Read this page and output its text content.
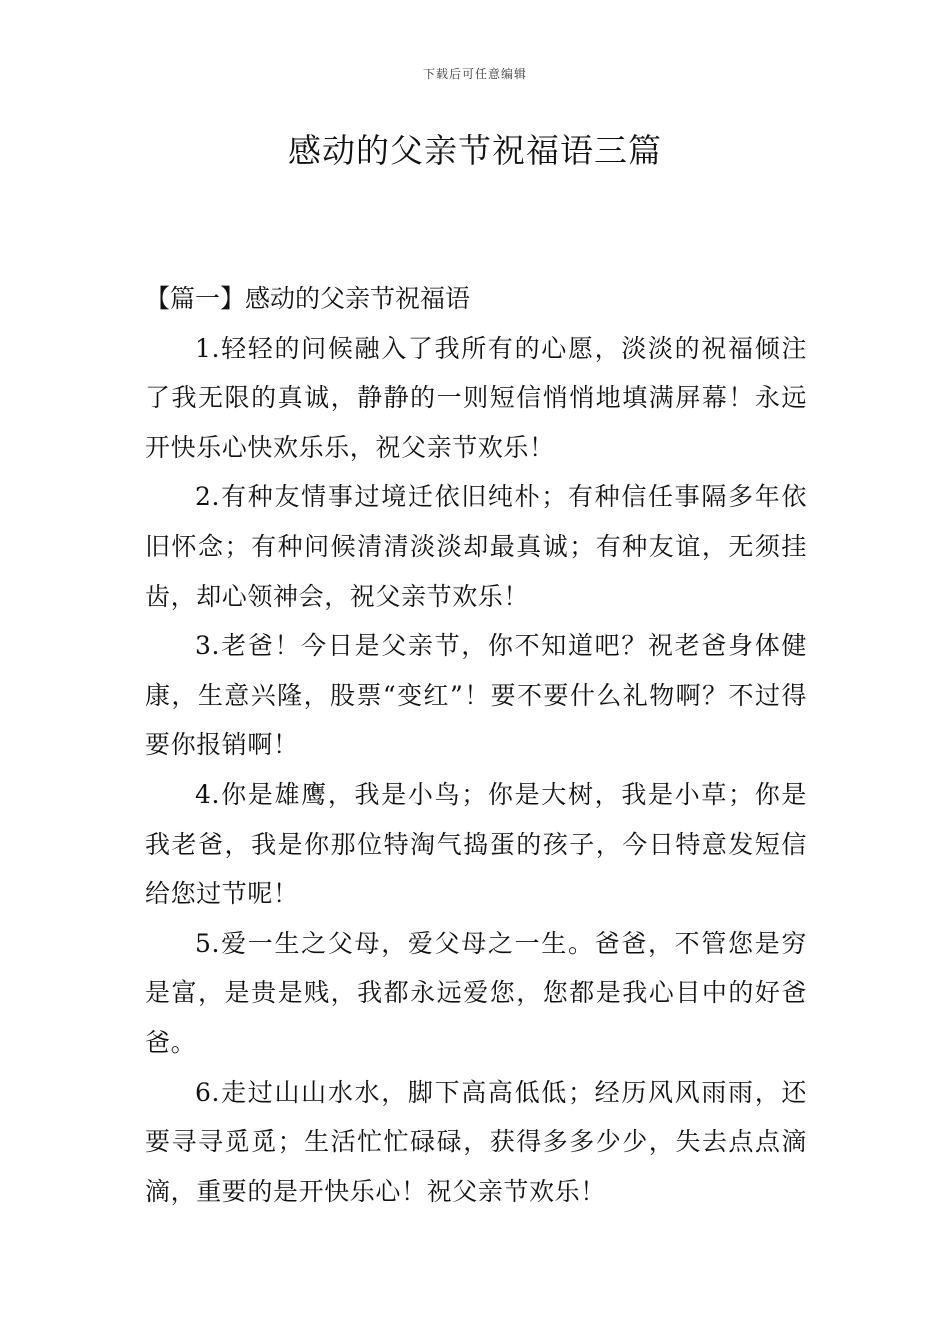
下载后可任意编辑
感动的父亲节祝福语三篇

【篇一】感动的父亲节祝福语

1.轻轻的问候融入了我所有的心愿，淡淡的祝福倾注了我无限的真诚，静静的一则短信悄悄地填满屏幕！永远开快乐心快欢乐乐，祝父亲节欢乐！

2.有种友情事过境迁依旧纯朴；有种信任事隔多年依旧怀念；有种问候清清淡淡却最真诚；有种友谊，无须挂齿，却心领神会，祝父亲节欢乐！

3.老爸！今日是父亲节，你不知道吧？祝老爸身体健康，生意兴隆，股票“变红”！要不要什么礼物啊？不过得要你报销啊！

4.你是雄鹰，我是小鸟；你是大树，我是小草；你是我老爸，我是你那位特淘气捣蛋的孩子，今日特意发短信给您过节呢！

5.爱一生之父母，爱父母之一生。爸爸，不管您是穷是富，是贵是贱，我都永远爱您，您都是我心目中的好爸爸。

6.走过山山水水，脚下高高低低；经历风风雨雨，还要寻寻觅觅；生活忙忙碌碌，获得多多少少，失去点点滴滴，重要的是开快乐心！祝父亲节欢乐！
